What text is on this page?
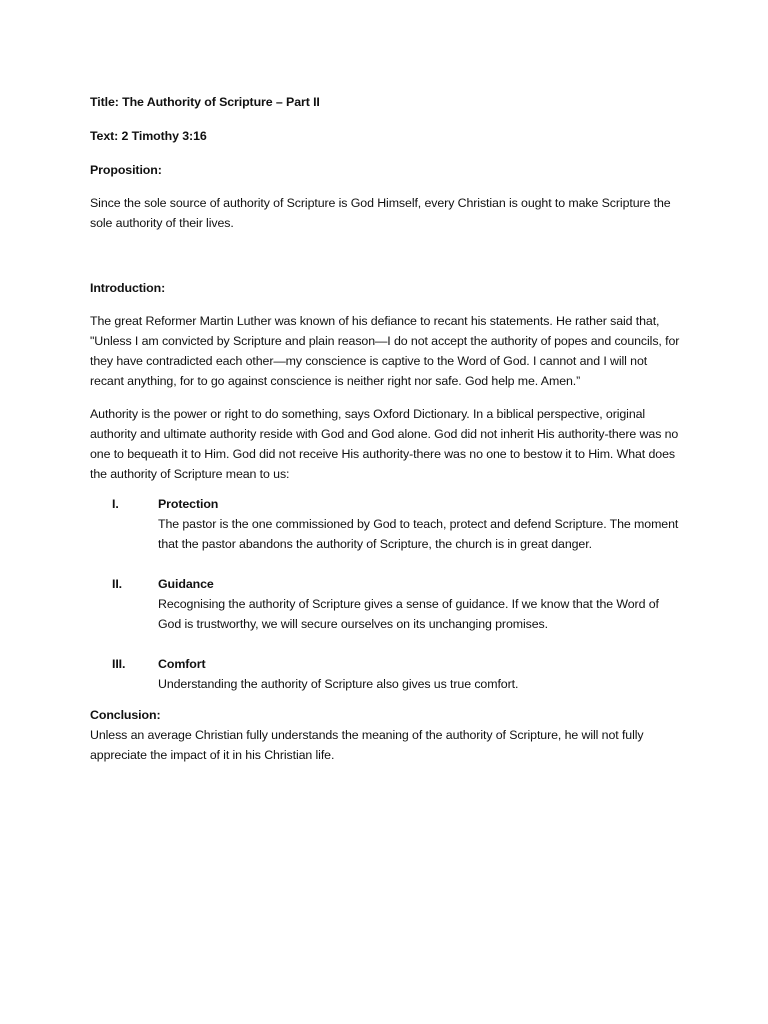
Title: The Authority of Scripture – Part II

Text: 2 Timothy 3:16

Proposition:

Since the sole source of authority of Scripture is God Himself, every Christian is ought to make Scripture the sole authority of their lives.

Introduction:

The great Reformer Martin Luther was known of his defiance to recant his statements. He rather said that, "Unless I am convicted by Scripture and plain reason—I do not accept the authority of popes and councils, for they have contradicted each other—my conscience is captive to the Word of God. I cannot and I will not recant anything, for to go against conscience is neither right nor safe. God help me. Amen.”

Authority is the power or right to do something, says Oxford Dictionary. In a biblical perspective, original authority and ultimate authority reside with God and God alone. God did not inherit His authority-there was no one to bequeath it to Him. God did not receive His authority-there was no one to bestow it to Him. What does the authority of Scripture mean to us:

I.	Protection
The pastor is the one commissioned by God to teach, protect and defend Scripture. The moment that the pastor abandons the authority of Scripture, the church is in great danger.
II.	Guidance
Recognising the authority of Scripture gives a sense of guidance. If we know that the Word of God is trustworthy, we will secure ourselves on its unchanging promises.
III.	Comfort
Understanding the authority of Scripture also gives us true comfort.

Conclusion:

Unless an average Christian fully understands the meaning of the authority of Scripture, he will not fully appreciate the impact of it in his Christian life.
